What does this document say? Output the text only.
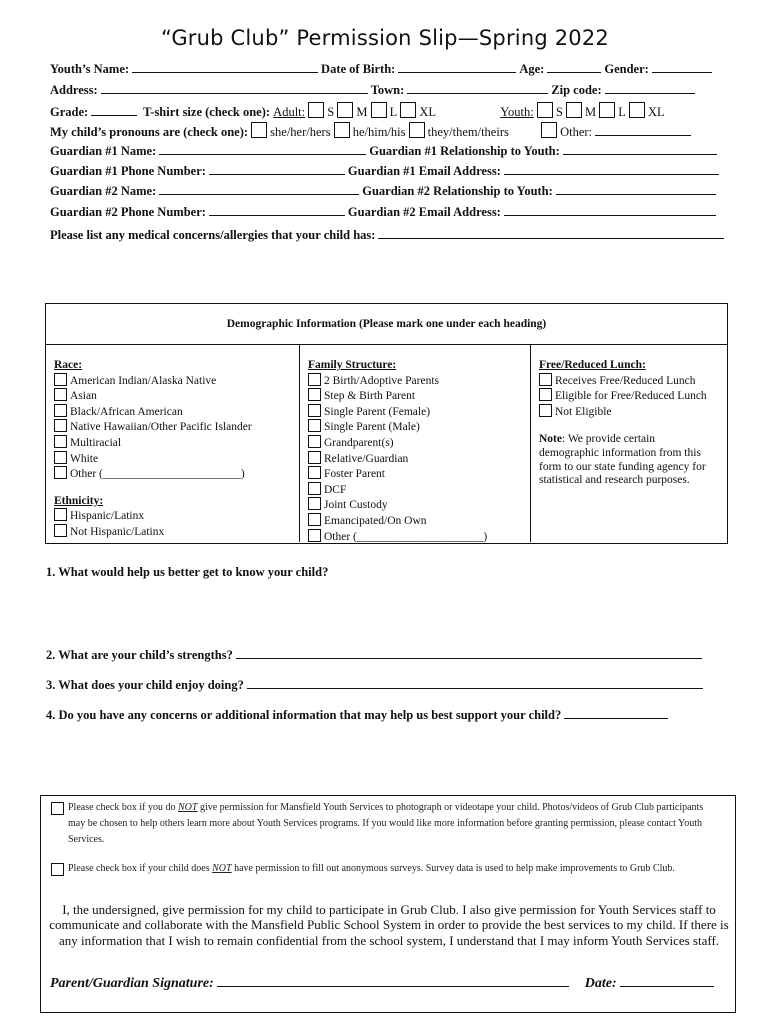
“Grub Club” Permission Slip—Spring 2022
Youth’s Name:	Date of Birth:	Age:	Gender:
Address:	Town:	Zip code:
Grade:	T-shirt size (check one): Adult: S M L XL	Youth: S M L XL
My child’s pronouns are (check one): she/her/hers he/him/his they/them/theirs	Other:
Guardian #1 Name:	Guardian #1 Relationship to Youth:
Guardian #1 Phone Number:	Guardian #1 Email Address:
Guardian #2 Name:	Guardian #2 Relationship to Youth:
Guardian #2 Phone Number:	Guardian #2 Email Address:
Please list any medical concerns/allergies that your child has:
Demographic Information (Please mark one under each heading)
Race:
American Indian/Alaska Native
Asian
Black/African American
Native Hawaiian/Other Pacific Islander
Multiracial
White
Other (________________________)
Ethnicity:
Hispanic/Latinx
Not Hispanic/Latinx
Family Structure:
2 Birth/Adoptive Parents
Step & Birth Parent
Single Parent (Female)
Single Parent (Male)
Grandparent(s)
Relative/Guardian
Foster Parent
DCF
Joint Custody
Emancipated/On Own
Other (______________________)
Free/Reduced Lunch:
Receives Free/Reduced Lunch
Eligible for Free/Reduced Lunch
Not Eligible
Note: We provide certain demographic information from this form to our state funding agency for statistical and research purposes.
1. What would help us better get to know your child?
2. What are your child’s strengths?
3. What does your child enjoy doing?
4. Do you have any concerns or additional information that may help us best support your child?
Please check box if you do NOT give permission for Mansfield Youth Services to photograph or videotape your child. Photos/videos of Grub Club participants may be chosen to help others learn more about Youth Services programs. If you would like more information before granting permission, please contact Youth Services.
Please check box if your child does NOT have permission to fill out anonymous surveys. Survey data is used to help make improvements to Grub Club.
I, the undersigned, give permission for my child to participate in Grub Club. I also give permission for Youth Services staff to communicate and collaborate with the Mansfield Public School System in order to provide the best services to my child. If there is any information that I wish to remain confidential from the school system, I understand that I may inform Youth Services staff.
Parent/Guardian Signature:	Date:
